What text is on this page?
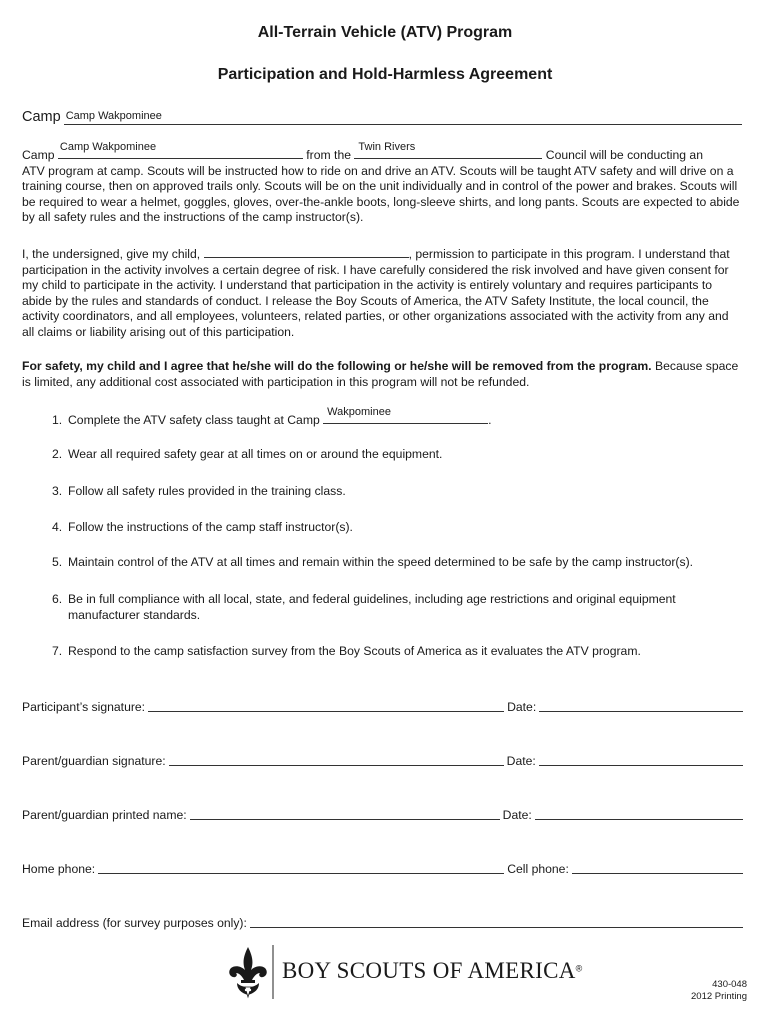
All-Terrain Vehicle (ATV) Program
Participation and Hold-Harmless Agreement
Camp Camp Wakpominee
Camp
Camp Wakpominee
from the
Twin Rivers
Council will be conducting an
ATV program at camp. Scouts will be instructed how to ride on and drive an ATV. Scouts will be taught ATV safety and will drive on a training course, then on approved trails only. Scouts will be on the unit individually and in control of the power and brakes. Scouts will be required to wear a helmet, goggles, gloves, over-the-ankle boots, long-sleeve shirts, and long pants. Scouts are expected to abide by all safety rules and the instructions of the camp instructor(s).
I, the undersigned, give my child,	, permission to participate in this program. I understand that participation in the activity involves a certain degree of risk. I have carefully considered the risk involved and have given consent for my child to participate in the activity. I understand that participation in the activity is entirely voluntary and requires participants to abide by the rules and standards of conduct. I release the Boy Scouts of America, the ATV Safety Institute, the local council, the activity coordinators, and all employees, volunteers, related parties, or other organizations associated with the activity from any and all claims or liability arising out of this participation.
For safety, my child and I agree that he/she will do the following or he/she will be removed from the program. Because space is limited, any additional cost associated with participation in this program will not be refunded.
1. Complete the ATV safety class taught at Camp
Wakpominee
.
2. Wear all required safety gear at all times on or around the equipment.
3. Follow all safety rules provided in the training class.
4. Follow the instructions of the camp staff instructor(s).
5. Maintain control of the ATV at all times and remain within the speed determined to be safe by the camp instructor(s).
6. Be in full compliance with all local, state, and federal guidelines, including age restrictions and original equipment
manufacturer standards.
7. Respond to the camp satisfaction survey from the Boy Scouts of America as it evaluates the ATV program.
Participant’s signature:	Date:
Parent/guardian signature:	Date:
Parent/guardian printed name:	Date:
Home phone:	Cell phone:
Email address (for survey purposes only):
BOY SCOUTS OF AMERICA®
430-048
2012 Printing
